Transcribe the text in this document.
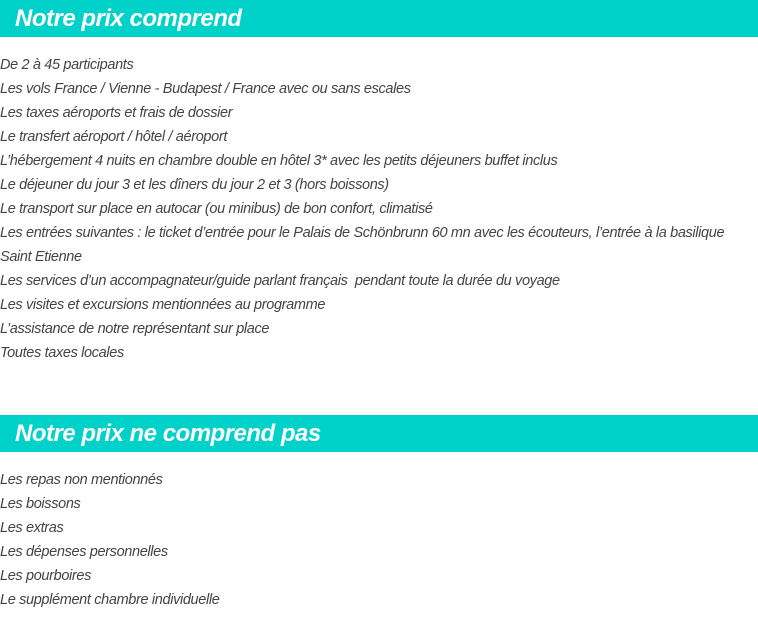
Notre prix comprend
De 2 à 45 participants
Les vols France / Vienne - Budapest / France avec ou sans escales
Les taxes aéroports et frais de dossier
Le transfert aéroport / hôtel / aéroport
L’hébergement 4 nuits en chambre double en hôtel 3* avec les petits déjeuners buffet inclus
Le déjeuner du jour 3 et les dîners du jour 2 et 3 (hors boissons)
Le transport sur place en autocar (ou minibus) de bon confort, climatisé
Les entrées suivantes : le ticket d’entrée pour le Palais de Schönbrunn 60 mn avec les écouteurs, l’entrée à la basilique
Saint Etienne
Les services d’un accompagnateur/guide parlant français  pendant toute la durée du voyage
Les visites et excursions mentionnées au programme
L’assistance de notre représentant sur place
Toutes taxes locales
Notre prix ne comprend pas
Les repas non mentionnés
Les boissons
Les extras
Les dépenses personnelles
Les pourboires
Le supplément chambre individuelle
